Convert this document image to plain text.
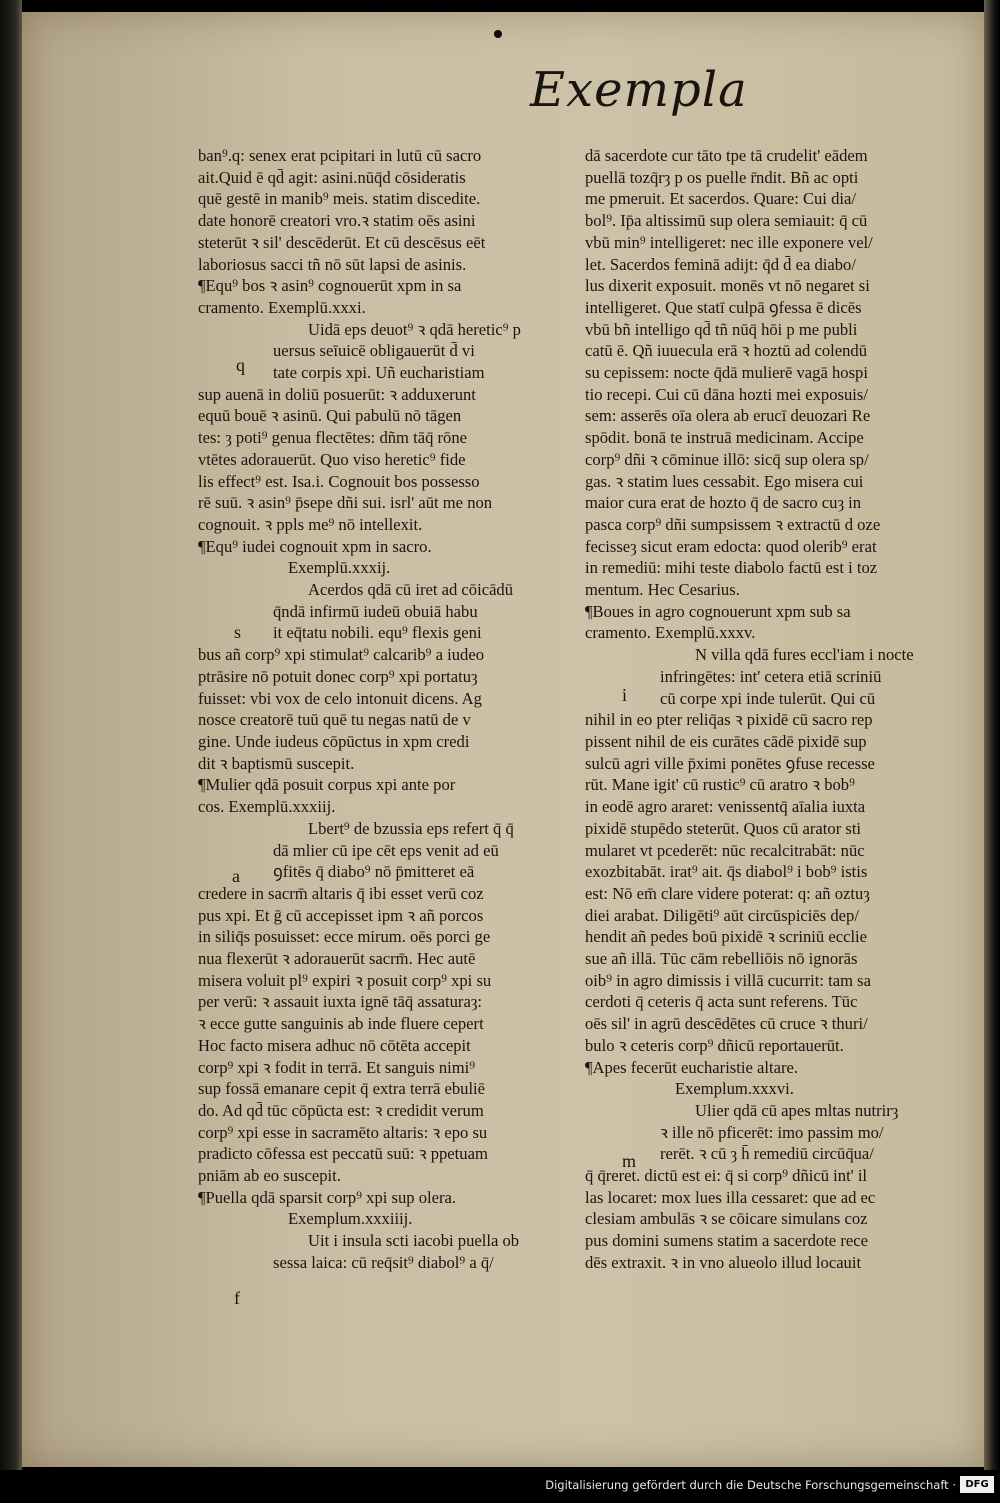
Exempla
ban⁹.q: senex erat pcipitari in lutū cū sacro
ait.Quid ē qd̄ agit: asini.nūq̄d cōsideratis
quē gestē in manib⁹ meis. statim discedite.
date honorē creatori vro.ꝛ statim oēs asini
steterūt ꝛ sil' descēderūt. Et cū descēsus eēt
laboriosus sacci tñ nō sūt lapsi de asinis.
¶Equ⁹ bos ꝛ asin⁹ cognouerūt xpm in sa
cramento. Exemplū.xxxi.
Uidā eps deuot⁹ ꝛ qdā heretic⁹ p
uersus seīuicē obligauerūt d̄ vi
tate corpis xpi. Uñ eucharistiam
sup auenā in doliū posuerūt: ꝛ adduxerunt
equū bouē ꝛ asinū. Qui pabulū nō tāgen
tes: ȝ poti⁹ genua flectētes: dñm tāq̄ rōne
vtētes adorauerūt. Quo viso heretic⁹ fide
lis effect⁹ est. Isa.i. Cognouit bos possesso
rē suū. ꝛ asin⁹ p̄sepe dñi sui. isrl' aūt me non
cognouit. ꝛ ppls me⁹ nō intellexit.
¶Equ⁹ iudei cognouit xpm in sacro.
Exemplū.xxxij.
Acerdos qdā cū iret ad cōicādū
q̄ndā infirmū iudeū obuiā habu
it eq̄tatu nobili. equ⁹ flexis geni
bus añ corp⁹ xpi stimulat⁹ calcarib⁹ a iudeo
ptrāsire nō potuit donec corp⁹ xpi portatuȝ
fuisset: vbi vox de celo intonuit dicens. Ag
nosce creatorē tuū quē tu negas natū de v
gine. Unde iudeus cōpūctus in xpm credi
dit ꝛ baptismū suscepit.
¶Mulier qdā posuit corpus xpi ante por
cos. Exemplū.xxxiij.
Lbert⁹ de bzussia eps refert q̄ q̄
dā mlier cū ipe cēt eps venit ad eū
ꝯfitēs q̄ diabo⁹ nō p̄mitteret eā
credere in sacrm̄ altaris q̄ ibi esset verū coz
pus xpi. Et ḡ cū accepisset ipm ꝛ añ porcos
in siliq̄s posuisset: ecce mirum. oēs porci ge
nua flexerūt ꝛ adorauerūt sacrm̄. Hec autē
misera voluit pl⁹ expiri ꝛ posuit corp⁹ xpi su
per verū: ꝛ assauit iuxta ignē tāq̄ assaturaȝ:
ꝛ ecce gutte sanguinis ab inde fluere cepert
Hoc facto misera adhuc nō cōtēta accepit
corp⁹ xpi ꝛ fodit in terrā. Et sanguis nimi⁹
sup fossā emanare cepit q̄ extra terrā ebuliē
do. Ad qd̄ tūc cōpūcta est: ꝛ credidit verum
corp⁹ xpi esse in sacramēto altaris: ꝛ epo su
pradicto cōfessa est peccatū suū: ꝛ ppetuam
pniām ab eo suscepit.
¶Puella qdā sparsit corp⁹ xpi sup olera.
Exemplum.xxxiiij.
Uit i insula scti iacobi puella ob
sessa laica: cū req̄sit⁹ diabol⁹ a q̄/
dā sacerdote cur tāto tpe tā crudelit' eādem
puellā tozq̄rȝ p os puelle r̄ndit. Bñ ac opti
me pmeruit. Et sacerdos. Quare: Cui dia/
bol⁹. Ip̄a altissimū sup olera semiauit: q̄ cū
vbū min⁹ intelligeret: nec ille exponere vel/
let. Sacerdos feminā adijt: q̄d d̄ ea diabo/
lus dixerit exposuit. monēs vt nō negaret si
intelligeret. Que statī culpā ꝯfessa ē dicēs
vbū bñ intelligo qd̄ tñ nūq̄ hōi p me publi
catū ē. Qñ iuuecula erā ꝛ hoztū ad colendū
su cepissem: nocte q̄dā mulierē vagā hospi
tio recepi. Cui cū dāna hozti mei exposuis/
sem: asserēs oīa olera ab erucī deuozari Re
spōdit. bonā te instruā medicinam. Accipe
corp⁹ dñi ꝛ cōminue illō: sicq̄ sup olera sp/
gas. ꝛ statim lues cessabit. Ego misera cui
maior cura erat de hozto q̄ de sacro cuȝ in
pasca corp⁹ dñi sumpsissem ꝛ extractū d oze
fecisseȝ sicut eram edocta: quod olerib⁹ erat
in remediū: mihi teste diabolo factū est i toz
mentum. Hec Cesarius.
¶Boues in agro cognouerunt xpm sub sa
cramento. Exemplū.xxxv.
N villa qdā fures eccl'iam i nocte
infringētes: int' cetera etiā scriniū
cū corpe xpi inde tulerūt. Qui cū
nihil in eo pter reliq̄as ꝛ pixidē cū sacro rep
pissent nihil de eis curātes cādē pixidē sup
sulcū agri ville p̄ximi ponētes ꝯfuse recesse
rūt. Mane igit' cū rustic⁹ cū aratro ꝛ bob⁹
in eodē agro araret: venissentq̄ aīalia iuxta
pixidē stupēdo steterūt. Quos cū arator sti
mularet vt pcederēt: nūc recalcitrabāt: nūc
exozbitabāt. irat⁹ ait. q̄s diabol⁹ i bob⁹ istis
est: Nō em̄ clare videre poterat: q: añ oztuȝ
diei arabat. Diligēti⁹ aūt circūspiciēs dep/
hendit añ pedes boū pixidē ꝛ scriniū ecclie
sue añ illā. Tūc cām rebelliōis nō ignorās
oib⁹ in agro dimissis i villā cucurrit: tam sa
cerdoti q̄ ceteris q̄ acta sunt referens. Tūc
oēs sil' in agrū descēdētes cū cruce ꝛ thuri/
bulo ꝛ ceteris corp⁹ dñicū reportauerūt.
¶Apes fecerūt eucharistie altare.
Exemplum.xxxvi.
Ulier qdā cū apes mltas nutrirȝ
ꝛ ille nō pficerēt: imo passim mo/
rerēt. ꝛ cū ȝ h̄ remediū circūq̄ua/
q̄ q̄reret. dictū est ei: q̄ si corp⁹ dñicū int' il
las locaret: mox lues illa cessaret: que ad ec
clesiam ambulās ꝛ se cōicare simulans coz
pus domini sumens statim a sacerdote rece
dēs extraxit. ꝛ in vno alueolo illud locauit
q
s
a
f
i
m
Digitalisierung gefördert durch die Deutsche Forschungsgemeinschaft · DFG
